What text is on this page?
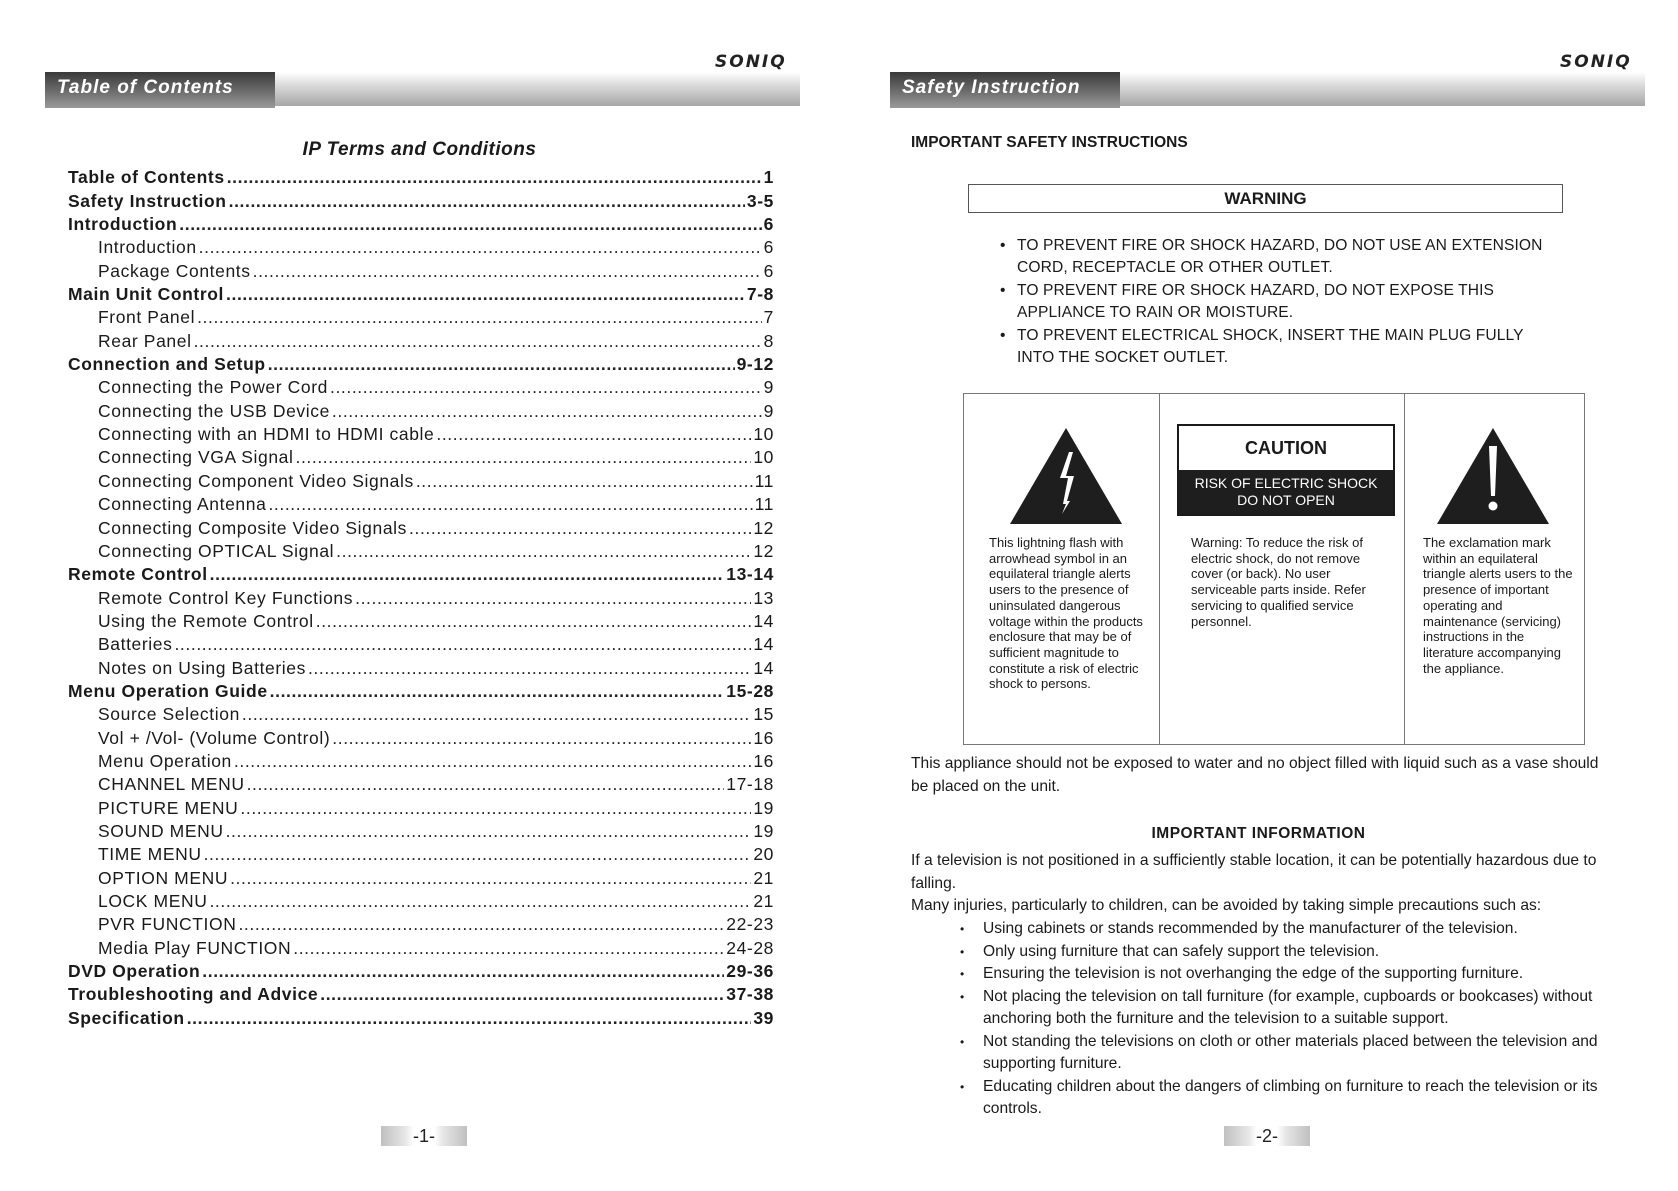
SONIQ
Table of Contents
IP Terms and Conditions
Table of Contents .....	1
Safety Instruction .....	3-5
Introduction .....	6
Introduction .....	6
Package Contents .....	6
Main Unit Control .....	7-8
Front Panel .....	7
Rear Panel .....	8
Connection and Setup .....	9-12
Connecting the Power Cord .....	9
Connecting the USB Device .....	9
Connecting with an HDMI to HDMI cable .....	10
Connecting VGA Signal .....	10
Connecting Component Video Signals .....	11
Connecting Antenna .....	11
Connecting Composite Video Signals .....	12
Connecting OPTICAL Signal .....	12
Remote Control .....	13-14
Remote Control Key Functions .....	13
Using the Remote Control .....	14
Batteries .....	14
Notes on Using Batteries .....	14
Menu Operation Guide .....	15-28
Source Selection .....	15
Vol + /Vol- (Volume Control) .....	16
Menu Operation .....	16
CHANNEL MENU .....	17-18
PICTURE MENU .....	19
SOUND MENU .....	19
TIME MENU .....	20
OPTION MENU .....	21
LOCK MENU .....	21
PVR FUNCTION .....	22-23
Media Play FUNCTION .....	24-28
DVD Operation .....	29-36
Troubleshooting and Advice .....	37-38
Specification .....	39
-1-
SONIQ
Safety Instruction
-2-
IMPORTANT SAFETY INSTRUCTIONS
WARNING
• TO PREVENT FIRE OR SHOCK HAZARD, DO NOT USE AN EXTENSION CORD, RECEPTACLE OR OTHER OUTLET.
• TO PREVENT FIRE OR SHOCK HAZARD, DO NOT EXPOSE THIS APPLIANCE TO RAIN OR MOISTURE.
• TO PREVENT ELECTRICAL SHOCK, INSERT THE MAIN PLUG FULLY INTO THE SOCKET OUTLET.
This lightning flash with arrowhead symbol in an equilateral triangle alerts users to the presence of uninsulated dangerous voltage within the products enclosure that may be of sufficient magnitude to constitute a risk of electric shock to persons.
CAUTION
RISK OF ELECTRIC SHOCK
DO NOT OPEN
Warning: To reduce the risk of electric shock, do not remove cover (or back). No user serviceable parts inside. Refer servicing to qualified service personnel.
The exclamation mark within an equilateral triangle alerts users to the presence of important operating and maintenance (servicing) instructions in the literature accompanying the appliance.
This appliance should not be exposed to water and no object filled with liquid such as a vase should be placed on the unit.
IMPORTANT INFORMATION
If a television is not positioned in a sufficiently stable location, it can be potentially hazardous due to falling.
Many injuries, particularly to children, can be avoided by taking simple precautions such as:
• Using cabinets or stands recommended by the manufacturer of the television.
• Only using furniture that can safely support the television.
• Ensuring the television is not overhanging the edge of the supporting furniture.
• Not placing the television on tall furniture (for example, cupboards or bookcases) without anchoring both the furniture and the television to a suitable support.
• Not standing the televisions on cloth or other materials placed between the television and supporting furniture.
• Educating children about the dangers of climbing on furniture to reach the television or its controls.
